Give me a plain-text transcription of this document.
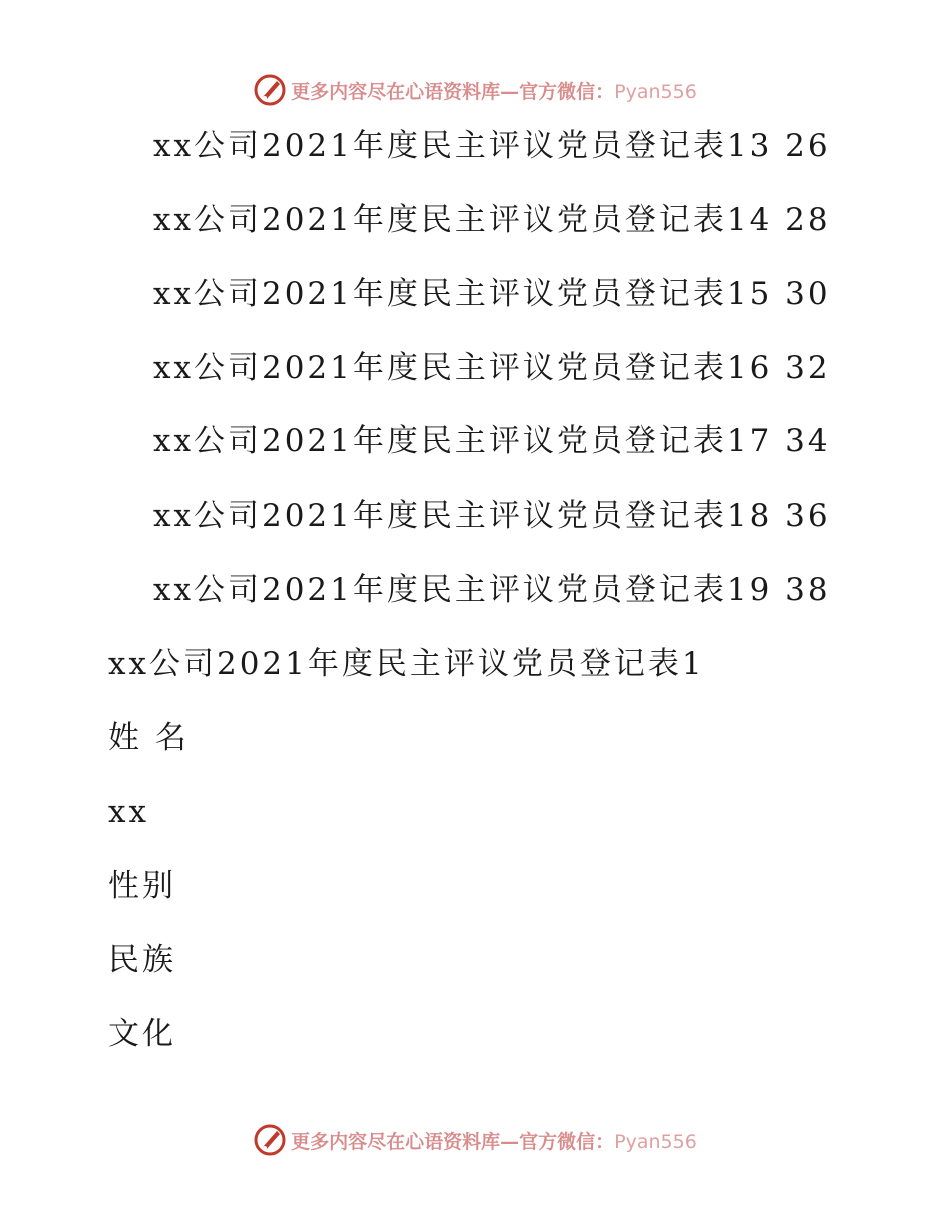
更多内容尽在心语资料库—官方微信：Pyan556
xx公司2021年度民主评议党员登记表13 26
xx公司2021年度民主评议党员登记表14 28
xx公司2021年度民主评议党员登记表15 30
xx公司2021年度民主评议党员登记表16 32
xx公司2021年度民主评议党员登记表17 34
xx公司2021年度民主评议党员登记表18 36
xx公司2021年度民主评议党员登记表19 38
xx公司2021年度民主评议党员登记表1
姓 名
xx
性别
民族
文化
更多内容尽在心语资料库—官方微信：Pyan556
